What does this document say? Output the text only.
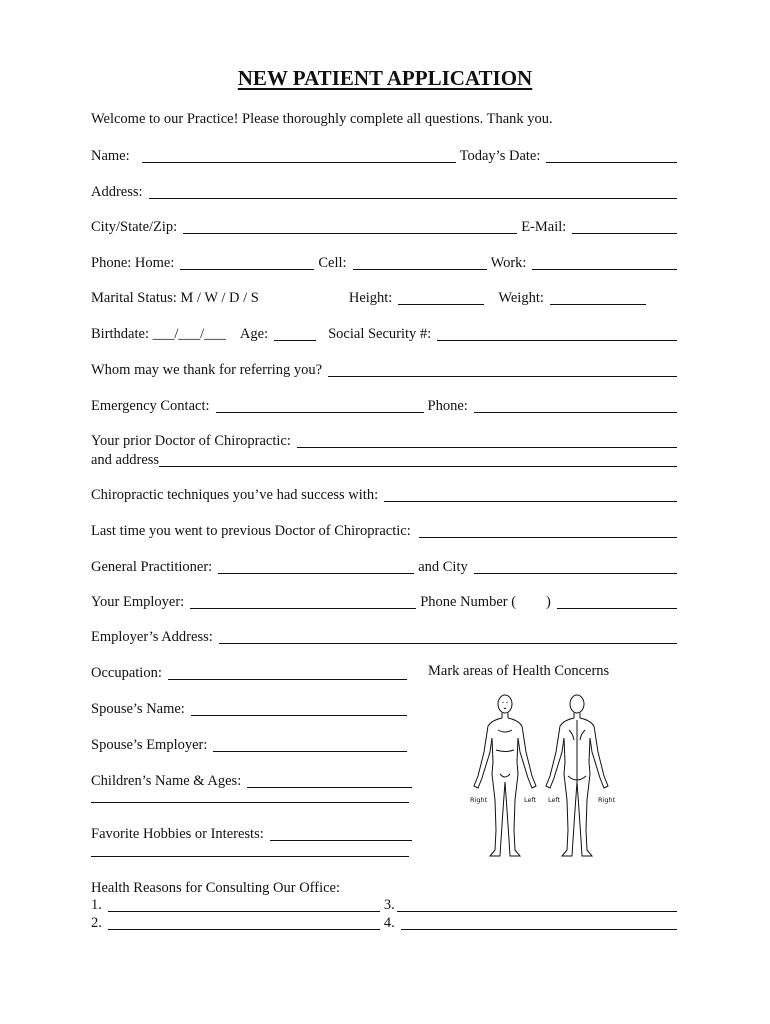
NEW PATIENT APPLICATION
Welcome to our Practice! Please thoroughly complete all questions. Thank you.
Name:	Today’s Date:
Address:
City/State/Zip:	E-Mail:
Phone: Home:	Cell:	Work:
Marital Status: M / W / D / S	Height:	Weight:
Birthdate: ___/___/___ Age:	Social Security #:
Whom may we thank for referring you?
Emergency Contact:	Phone:
Your prior Doctor of Chiropractic:
and address
Chiropractic techniques you’ve had success with:
Last time you went to previous Doctor of Chiropractic:
General Practitioner:	and City
Your Employer:	Phone Number ( )
Employer’s Address:
Occupation:	Mark areas of Health Concerns
Spouse’s Name:
Spouse’s Employer:
Children’s Name & Ages:
Favorite Hobbies or Interests:
Health Reasons for Consulting Our Office:
1.	3.
2.	4.
Right	Left Left	Right
